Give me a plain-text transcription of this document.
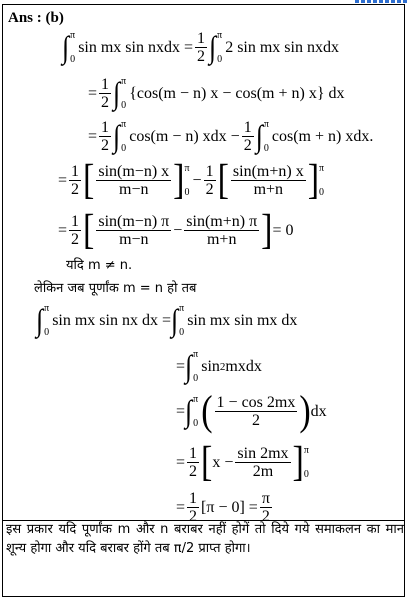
Ans : (b)
∫ π
0
sin mx sin nxdx = $\frac{1}{2}$ ∫ π
0
2 sin mx sin nxdx
= $\frac{1}{2}$ ∫ π
0
{cos(m − n) x − cos(m + n) x} dx
= $\frac{1}{2}$ ∫ π
0
cos(m − n) xdx − $\frac{1}{2}$ ∫ π
0
cos(m + n) xdx.
= $\frac{1}{2}$ [ $\frac{\sin(m-n) x}{m-n}$ ] π
0
− $\frac{1}{2}$ [ $\frac{\sin(m+n) x}{m+n}$ ] π
0
= $\frac{1}{2}$ [ $\frac{\sin(m-n) \pi}{m-n} - \frac{\sin(m+n) \pi}{m+n}$ ] = 0
यदि m ≠ n.
लेकिन जब पूर्णांक m = n हो तब
∫ π
0
sin mx sin nx dx = ∫ π
0
sin mx sin mx dx
= ∫ π
0
sin 2 mxdx
= ∫ π
0 ( $\frac{1 - \cos 2mx}{2}$ ) dx
= $\frac{1}{2}$ [ $x - \frac{\sin 2mx}{2m}$ ] π
0
= $\frac{1}{2} [\pi - 0] = \frac{\pi}{2}$
इस प्रकार यदि पूर्णांक m और n बराबर नहीं होगें तो दिये गये समाकलन का मान शून्य होगा और यदि बराबर होंगे तब π/2 प्राप्त होगा।
